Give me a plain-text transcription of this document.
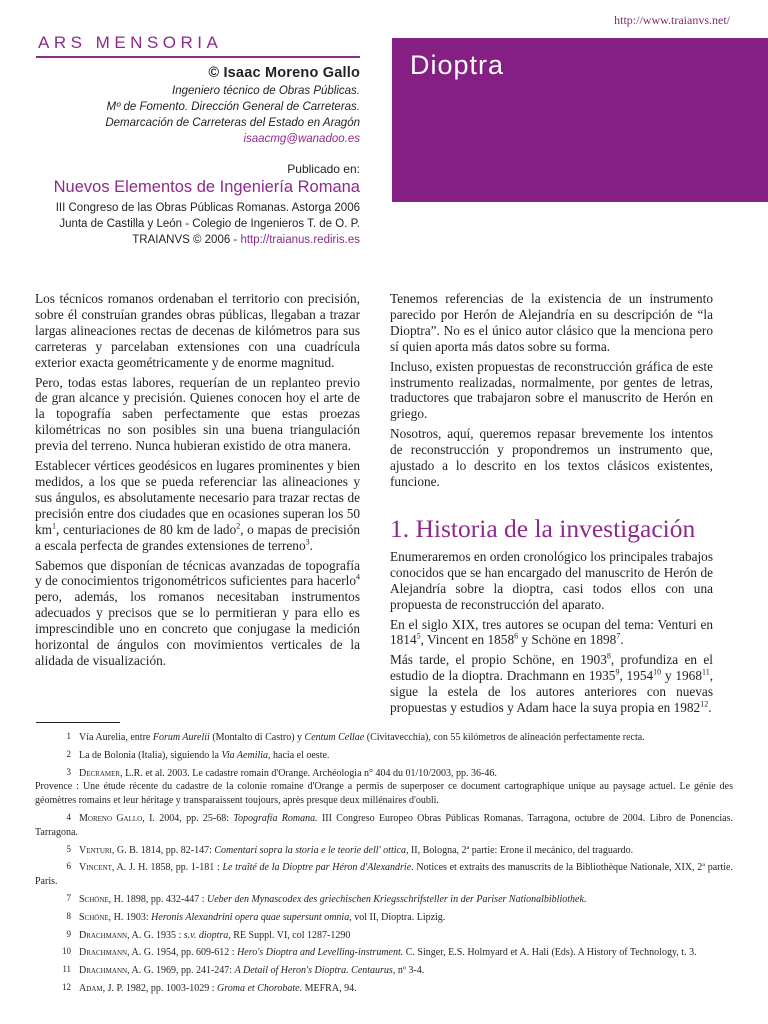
http://www.traianvs.net/
ARS MENSORIA
Dioptra
© Isaac Moreno Gallo
Ingeniero técnico de Obras Públicas.
Mº de Fomento. Dirección General de Carreteras.
Demarcación de Carreteras del Estado en Aragón
isaacmg@wanadoo.es
Publicado en:
Nuevos Elementos de Ingeniería Romana
III Congreso de las Obras Públicas Romanas. Astorga 2006
Junta de Castilla y León - Colegio de Ingenieros T. de O. P.
TRAIANVS © 2006 - http://traianus.rediris.es

Los técnicos romanos ordenaban el territorio con precisión, sobre él construían grandes obras públicas, llegaban a trazar largas alineaciones rectas de decenas de kilómetros para sus carreteras y parcelaban extensiones con una cuadrícula exterior exacta geométricamente y de enorme magnitud.

Pero, todas estas labores, requerían de un replanteo previo de gran alcance y precisión. Quienes conocen hoy el arte de la topografía saben perfectamente que estas proezas kilométricas no son posibles sin una buena triangulación previa del terreno. Nunca hubieran existido de otra manera.

Establecer vértices geodésicos en lugares prominentes y bien medidos, a los que se pueda referenciar las alineaciones y sus ángulos, es absolutamente necesario para trazar rectas de precisión entre dos ciudades que en ocasiones superan los 50 $km^1$, centuriaciones de 80 km de lado$^2$, o mapas de precisión a escala perfecta de grandes extensiones de terreno$^3$.

Sabemos que disponían de técnicas avanzadas de topografía y de conocimientos trigonométricos suficientes para hacerlo$^4$ pero, además, los romanos necesitaban instrumentos adecuados y precisos que se lo permitieran y para ello es imprescindible uno en concreto que conjugase la medición horizontal de ángulos con movimientos verticales de la alidada de visualización.

Tenemos referencias de la existencia de un instrumento parecido por Herón de Alejandría en su descripción de “la Dioptra”. No es el único autor clásico que la menciona pero sí quien aporta más datos sobre su forma.

Incluso, existen propuestas de reconstrucción gráfica de este instrumento realizadas, normalmente, por gentes de letras, traductores que trabajaron sobre el manuscrito de Herón en griego.

Nosotros, aquí, queremos repasar brevemente los intentos de reconstrucción y propondremos un instrumento que, ajustado a lo descrito en los textos clásicos existentes, funcione.

1. Historia de la investigación

Enumeraremos en orden cronológico los principales trabajos conocidos que se han encargado del manuscrito de Herón de Alejandría sobre la dioptra, casi todos ellos con una propuesta de reconstrucción del aparato.

En el siglo XIX, tres autores se ocupan del tema: Venturi en 1814$^5$, Vincent en 1858$^6$ y Schöne en 1898$^7$.

Más tarde, el propio Schöne, en 1903$^8$, profundiza en el estudio de la dioptra. Drachmann en 1935$^9$, 1954$^{10}$ y 1968$^{11}$, sigue la estela de los autores anteriores con nuevas propuestas y estudios y Adam hace la suya propia en 1982$^{12}$.

1 Vía Aurelia, entre Forum Aurelii (Montalto di Castro) y Centum Cellae (Civitavecchia), con 55 kilómetros de alineación perfectamente recta.
2 La de Bolonia (Italia), siguiendo la Via Aemilia, hacia el oeste.
3 Decramer, L.R. et al. 2003. Le cadastre romain d'Orange. Archéologia n° 404 du 01/10/2003, pp. 36-46.
Provence : Une étude récente du cadastre de la colonie romaine d'Orange a permis de superposer ce document cartographique unique au paysage actuel. Le génie des géomètres romains et leur héritage y transparaissent toujours, après presque deux millénaires d'oubli.
4 Moreno Gallo, I. 2004, pp. 25-68: Topografía Romana. III Congreso Europeo Obras Públicas Romanas. Tarragona, octubre de 2004. Libro de Ponencias. Tarragona.
5 Venturi, G. B. 1814, pp. 82-147: Comentari sopra la storia e le teorie dell' ottica, II, Bologna, 2ª partie: Erone il mecánico, del traguardo.
6 Vincent, A. J. H. 1858, pp. 1-181 : Le traîté de la Dioptre par Héron d'Alexandrie. Notices et extraits des manuscrits de la Bibliothèque Nationale, XIX, 2ª partie. Paris.
7 Schöne, H. 1898, pp. 432-447 : Ueber den Mynascodex des griechischen Kriegsschrifsteller in der Pariser Nationalbibliothek.
8 Schöne, H. 1903: Heronis Alexandrini opera quae supersunt omnia, vol II, Dioptra. Lipzig.
9 Drachmann, A. G. 1935 : s.v. dioptra, RE Suppl. VI, col 1287-1290
10 Drachmann, A. G. 1954, pp. 609-612 : Hero's Dioptra and Levelling-instrument. C. Singer, E.S. Holmyard et A. Hali (Eds). A History of Technology, t. 3.
11 Drachmann, A. G. 1969, pp. 241-247: A Detail of Heron's Dioptra. Centaurus, nº 3-4.
12 Adam, J. P. 1982, pp. 1003-1029 : Groma et Chorobate. MEFRA, 94.
